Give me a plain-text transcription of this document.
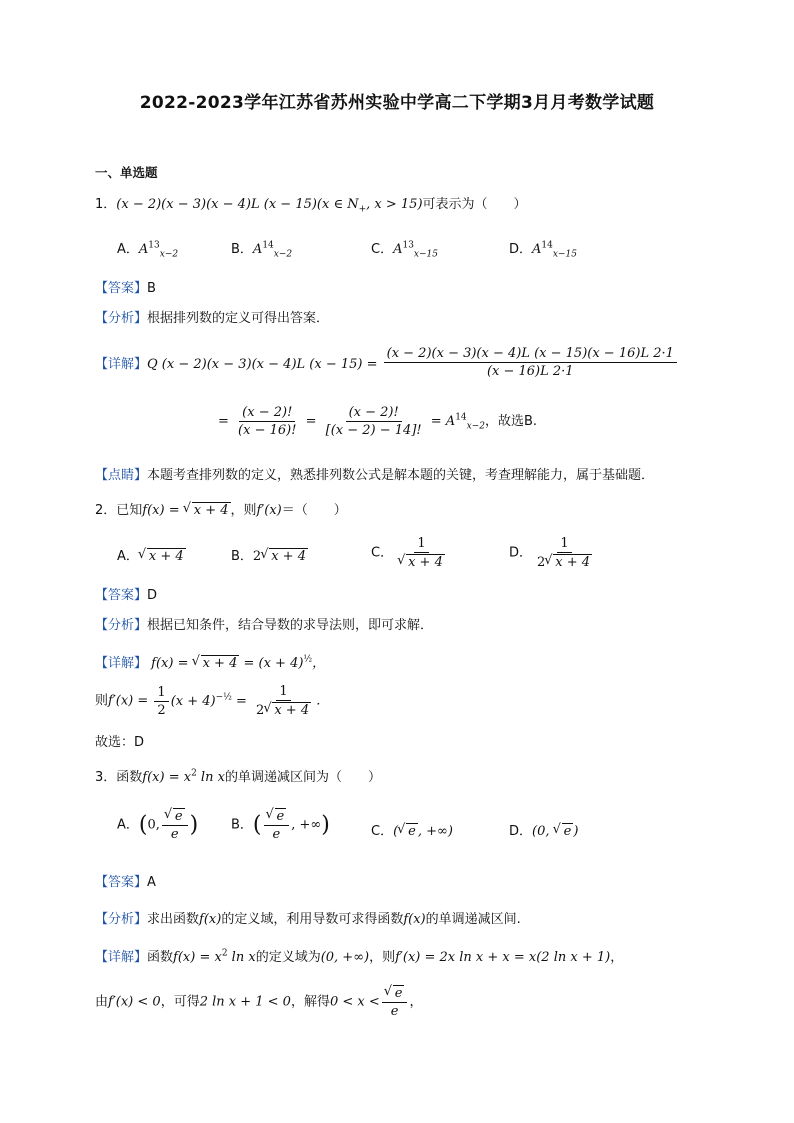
2022-2023学年江苏省苏州实验中学高二下学期3月月考数学试题
一、单选题
1．(x − 2)(x − 3)(x − 4)L (x − 15)(x ∈ $N_+$, x > 15)可表示为（　　）
A．$A^{13}_{x-2}$	B．$A^{14}_{x-2}$	C．$A^{13}_{x-15}$	D．$A^{14}_{x-15}$
【答案】B
【分析】根据排列数的定义可得出答案．
【详解】Q (x − 2)(x − 3)(x − 4)L $(x - 15) = \frac{(x - 2)(x - 3)(x - 4)L (x - 15)(x - 16)L 2\cdot 1}{(x - 16)L 2\cdot 1}$
= $\frac{(x - 2)!}{(x - 16)!} = \frac{(x - 2)!}{[(x - 2) - 14]!} = A^{14}_{x-2}$，故选B.
【点睛】本题考查排列数的定义，熟悉排列数公式是解本题的关键，考查理解能力，属于基础题．
2．已知f(x) = √ x + 4 ，则f′(x)＝（　　）
A． √ x + 4	B．2 √ x + 4	C． 1
√ x + 4	D． $\frac{1}{2 √ x + 4}$
【答案】D
【分析】根据已知条件，结合导数的求导法则，即可求解．
【详解】 f(x) = √ $x + 4 = (x + 4)^{\frac{1}{2}}$，
则$f'(x) = \frac{1}{2} (x + 4)^{-\frac{1}{2}} = \frac{1}{2 √ x + 4}$ ．
故选：D
3．函数$f(x) = x^2$ ln x的单调递减区间为（　　）
A．(0, √ $\frac{e}{e}$ )	B．( √ $\frac{e}{e}$ , +∞)	C．( √ e , +∞)	D．(0, √ e )
【答案】A
【分析】求出函数f(x)的定义域，利用导数可求得函数f(x)的单调递减区间.
【详解】函数$f(x) = x^2$ ln x的定义域为(0, +∞)，则f′(x) = 2x ln x + x = x(2 ln x + 1)，
由f′(x) < 0，可得2 ln x + 1 < 0，解得0 < x < √ $\frac{e}{e}$ ，
